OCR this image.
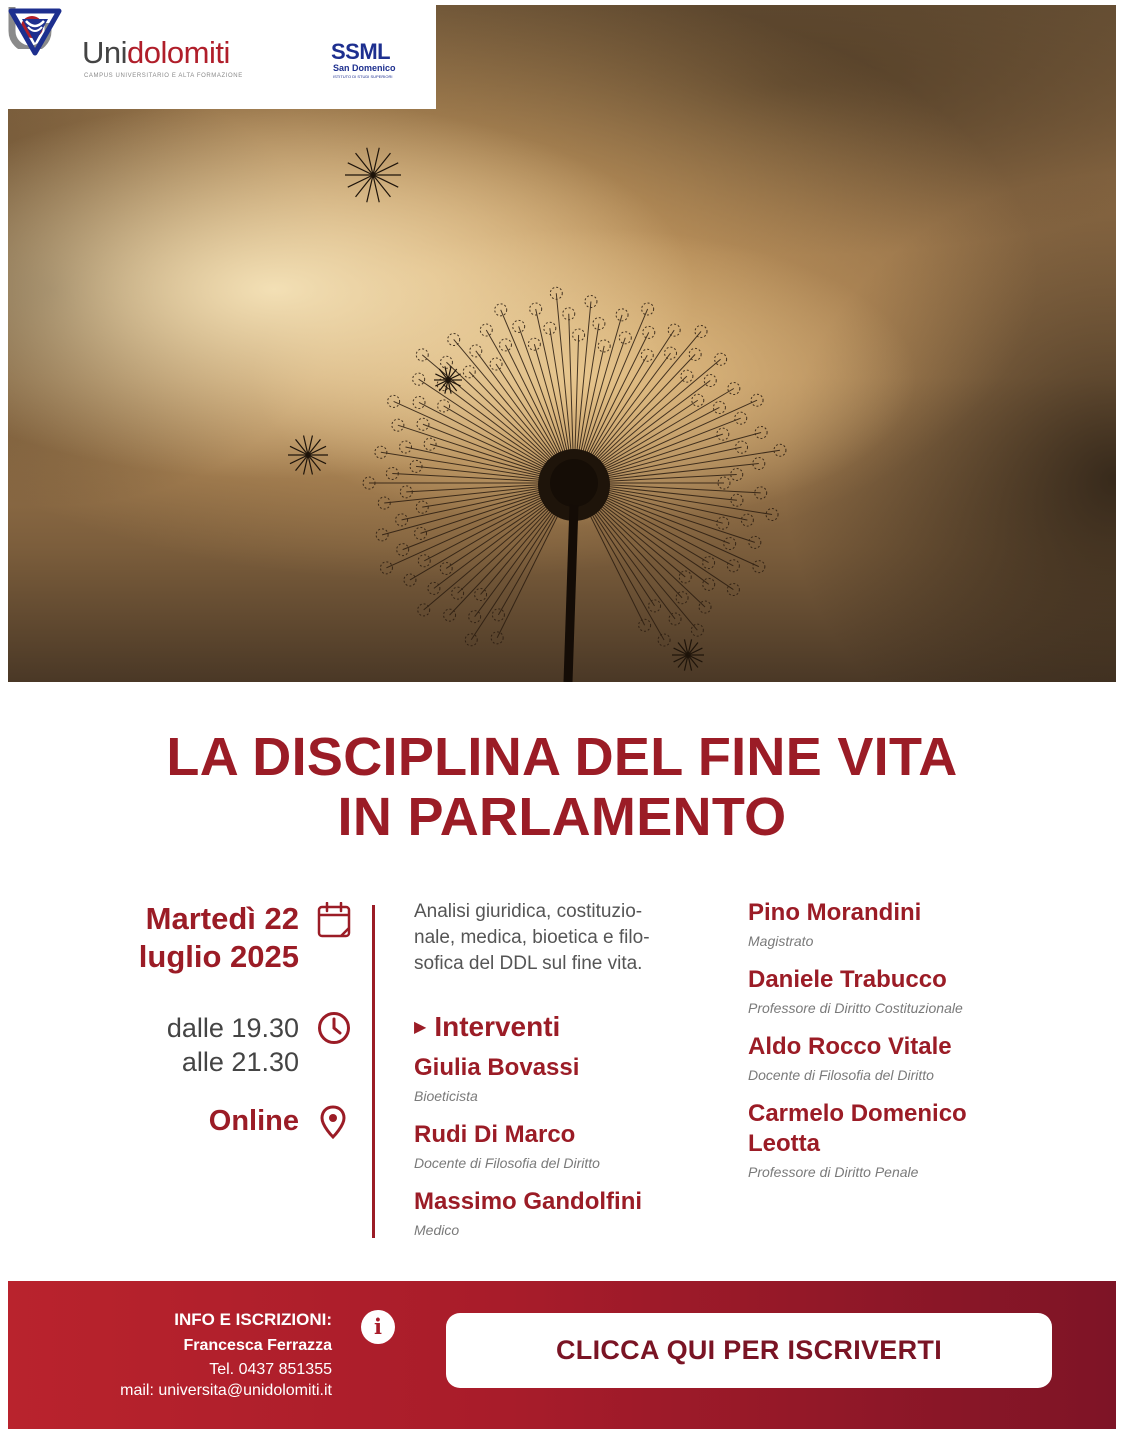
Unidolomiti
CAMPUS UNIVERSITARIO E ALTA FORMAZIONE
SSML
San Domenico
ISTITUTO DI STUDI SUPERIORI
LA DISCIPLINA DEL FINE VITA
IN PARLAMENTO
Martedì 22
luglio 2025
dalle 19.30
alle 21.30
Online
Analisi giuridica, costituzio-
nale, medica, bioetica e filo-
sofica del DDL sul fine vita.
▶ Interventi
Giulia Bovassi
Bioeticista
Rudi Di Marco
Docente di Filosofia del Diritto
Massimo Gandolfini
Medico
Pino Morandini
Magistrato
Daniele Trabucco
Professore di Diritto Costituzionale
Aldo Rocco Vitale
Docente di Filosofia del Diritto
Carmelo Domenico
Leotta
Professore di Diritto Penale
INFO E ISCRIZIONI:
Francesca Ferrazza
Tel. 0437 851355
mail: universita@unidolomiti.it
i
CLICCA QUI PER ISCRIVERTI
